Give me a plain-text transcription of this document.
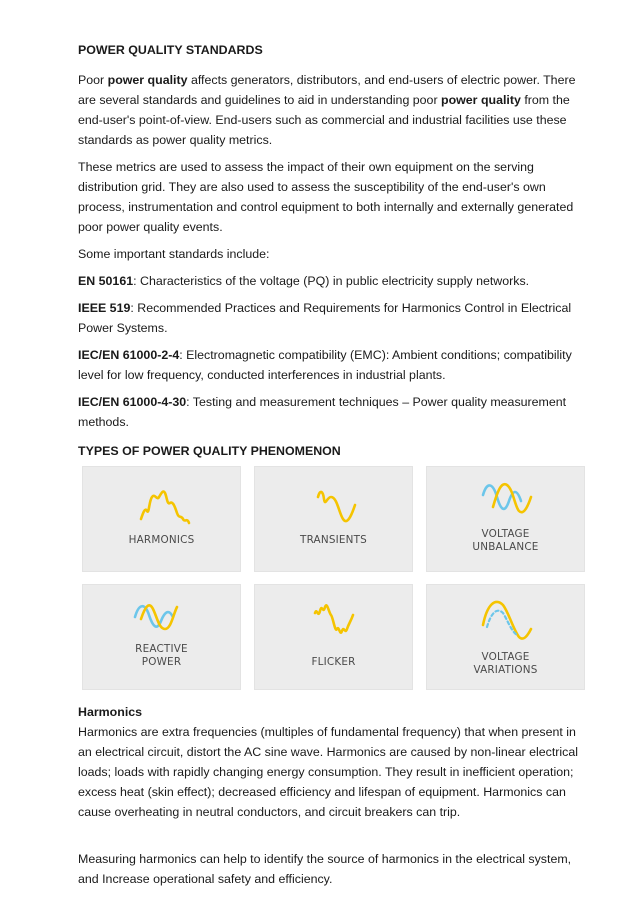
POWER QUALITY STANDARDS

Poor power quality affects generators, distributors, and end-users of electric power. There are several standards and guidelines to aid in understanding poor power quality from the end-user's point-of-view. End-users such as commercial and industrial facilities use these standards as power quality metrics.

These metrics are used to assess the impact of their own equipment on the serving distribution grid. They are also used to assess the susceptibility of the end-user's own process, instrumentation and control equipment to both internally and externally generated poor power quality events.

Some important standards include:

EN 50161: Characteristics of the voltage (PQ) in public electricity supply networks.

IEEE 519: Recommended Practices and Requirements for Harmonics Control in Electrical Power Systems.

IEC/EN 61000-2-4: Electromagnetic compatibility (EMC): Ambient conditions; compatibility level for low frequency, conducted interferences in industrial plants.

IEC/EN 61000-4-30: Testing and measurement techniques – Power quality measurement methods.

TYPES OF POWER QUALITY PHENOMENON

HARMONICS	TRANSIENTS	VOLTAGE
UNBALANCE
REACTIVE
POWER	FLICKER	VOLTAGE
VARIATIONS

Harmonics

Harmonics are extra frequencies (multiples of fundamental frequency) that when present in an electrical circuit, distort the AC sine wave. Harmonics are caused by non-linear electrical loads; loads with rapidly changing energy consumption. They result in inefficient operation; excess heat (skin effect); decreased efficiency and lifespan of equipment. Harmonics can cause overheating in neutral conductors, and circuit breakers can trip.

Measuring harmonics can help to identify the source of harmonics in the electrical system, and Increase operational safety and efficiency.
